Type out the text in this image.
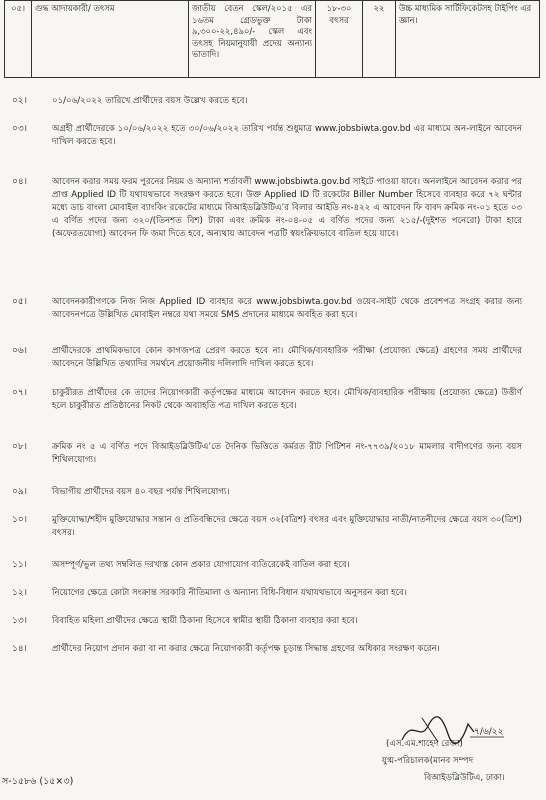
০৫।	গুদ্ধ আদায়কারী/ তৎসম	জাতীয় বেতন স্কেল/২০১৫ এর ১৬তম গ্রেডভুক্ত টাকা ৯,৩০০-২২,৪৯০/- স্কেল এবং তৎসহ নিয়মানুযায়ী প্রদেয় অন্যান্য ভাতাদি।	১৮-৩০ বৎসর	২২	উচ্চ মাধ্যমিক সার্টিফিকেটসহ টাইপিং এর জ্ঞান।
০২।	০১/০৬/২০২২ তারিখে প্রার্থীদের বয়স উল্লেখ করতে হবে।
০৩।	অগ্রহী প্রার্থীদেরকে ১০/০৬/২০২২ হতে ৩০/০৬/২০২২ তারিখ পর্যন্ত শুধুমাত্র www.jobsbiwta.gov.bd এর মাধ্যমে অন-লাইনে আবেদন দাখিল করতে হবে।
০৪।	আবেদন করার সময় ফরম পুরনের নিয়ম ও অন্যান্য শর্তাবলী www.jobsbiwta.gov.bd সাইটে পাওয়া যাবে। অনলাইনে আবেদন করার পর প্রাপ্ত Applied ID টি যথাযথভাবে সংরক্ষণ করতে হবে। উক্ত Applied ID টি রকেটের Biller Number হিসেবে ব্যবহার করে ৭২ ঘন্টার মধ্যে ডাচ বাংলা মোবাইল ব্যাংকিং রকেটের মাধ্যমে বিআইডব্লিউটিএ’র বিলার আইডি নং-৪২২ এ আবেদন ফি বাবদ ক্রমিক নং-০১ হতে ০৩ এ বর্ণিত পদের জন্য ৩২০/(তিনশত বিশ) টাকা এবং ক্রমিক নং-০৪-০৫ এ বর্ণিত পদের জন্য ২১৫/-(দুইশত পনেরো) টাকা হারে (অফেরতযোগ্য) আবেদন ফি জমা দিতে হবে, অন্যথায় আবেদন পত্রটি স্বয়ংক্রিয়ভাবে বাতিল হয়ে যাবে।
০৫।	আবেদনকারীগণকে নিজ নিজ Applied ID ব্যবহার করে www.jobsbiwta.gov.bd ওয়েব-সাইট থেকে প্রবেশপত্র সংগ্রহ করার জন্য আবেদনপত্রে উল্লিখিত মোবাইল নম্বরে যথা সময়ে SMS প্রদানের মাধ্যমে অবহিত করা হবে।
০৬।	প্রার্থীদেরকে প্রাথমিকভাবে কোন কাগজপত্র প্রেরণ করতে হবে না। মৌখিক/ব্যবহারিক পরীক্ষা (প্রযোজ্য ক্ষেত্রে) গ্রহণের সময় প্রার্থীদের আবেদনে উল্লিখিত তথ্যাদির সমর্থনে প্রয়োজনীয় দলিলাদি দাখিল করতে হবে।
০৭।	চাকুরীরত প্রার্থীদের কে তাদের নিয়োগকারী কর্তৃপক্ষের মাধ্যমে আবেদন করতে হবে। মৌখিক/ব্যবহারিক পরীক্ষায় (প্রযোজ্য ক্ষেত্রে) উত্তীর্ণ হলে চাকুরীরত প্রতিষ্ঠানের নিকট থেকে অব্যাহতি পত্র দাখিল করতে হবে।
০৮।	ক্রমিক নং ৫ এ বর্ণিত পদে বিআইডব্লিউটিএ’তে দৈনিক ভিত্তিতে কর্মরত রীট পিটিশন নং-৭৭৩৯/২০১৮ মামলার বাদীগণের জন্য বয়স শিথিলযোগ্য।
০৯।	বিভাগীয় প্রার্থীদের বয়স ৪০ বছর পর্যন্ত শিথিলযোগ্য।
১০।	মুক্তিযোদ্ধা/শহীদ মুক্তিযোদ্ধার সন্তান ও প্রতিবন্ধিদের ক্ষেত্রে বয়স ৩২(বত্রিশ) বৎসর এবং মুক্তিযোদ্ধার নাতী/নাতনীদের ক্ষেত্রে বয়স ৩০(ত্রিশ) বৎসর।
১১।	অসম্পূর্ণ/ভুল তথ্য সম্বলিত দরখাস্ত কোন প্রকার যোগাযোগ ব্যতিরেকেই বাতিল করা হবে।
১২।	নিয়োগের ক্ষেত্রে কোটা সংক্রান্ত সরকারি নীতিমালা ও অন্যান্য বিধি-বিধান যথাযথভাবে অনুসরন করা হবে।
১৩।	বিবাহিত মহিলা প্রার্থীদের ক্ষেত্রে স্থায়ী ঠিকানা হিসেবে স্বামীর স্থায়ী ঠিকানা ব্যবহার করা হবে।
১৪।	প্রার্থীদের নিয়োগ প্রদান করা বা না করার ক্ষেত্রে নিয়োগকারী কর্তৃপক্ষ চূড়ান্ত সিদ্ধান্ত গ্রহণের অধিকার সংরক্ষণ করেন।
৭/৬/২২
(এস.এম.শাহেদ রেজা)
যুগ্ম-পরিচালক(মানব সম্পদ
বিআইডব্লিউটিএ, ঢাকা।
স-১৫৮৬ (১৫×৩)
